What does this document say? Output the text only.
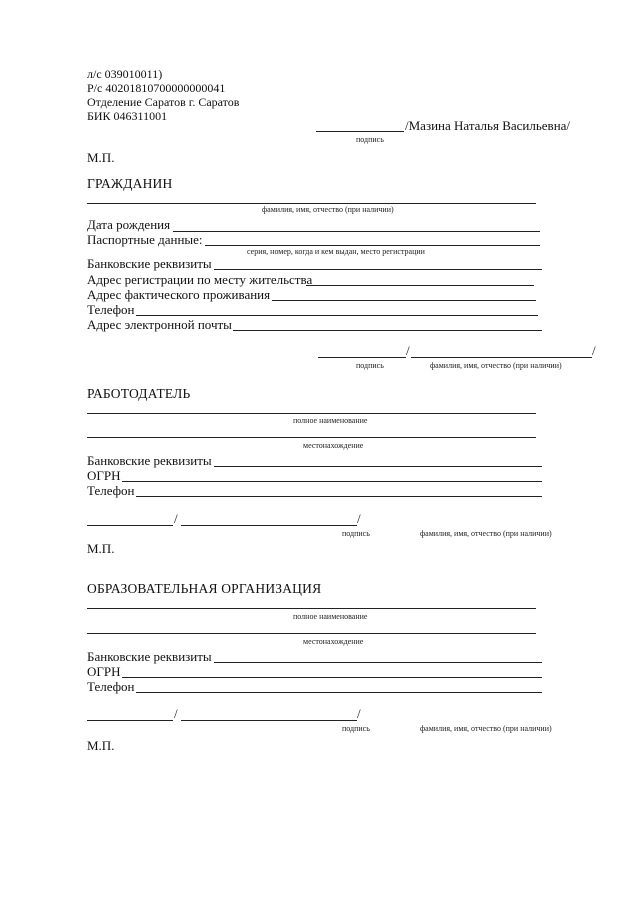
л/с 039010011)
Р/с 40201810700000000041
Отделение Саратов г. Саратов
БИК 046311001
/Мазина Наталья Васильевна/
подпись
М.П.
ГРАЖДАНИН
фамилия, имя, отчество (при наличии)
Дата рождения
Паспортные данные:
серия, номер, когда и кем выдан, место регистрации
Банковские реквизиты
Адрес регистрации по месту жительства
Адрес фактического проживания
Телефон
Адрес электронной почты
/	/
подпись	фамилия, имя, отчество (при наличии)
РАБОТОДАТЕЛЬ
полное наименование
местонахождение
Банковские реквизиты
ОГРН
Телефон
/	/
подпись	фамилия, имя, отчество (при наличии)
М.П.
ОБРАЗОВАТЕЛЬНАЯ ОРГАНИЗАЦИЯ
полное наименование
местонахождение
Банковские реквизиты
ОГРН
Телефон
/	/
подпись	фамилия, имя, отчество (при наличии)
М.П.
